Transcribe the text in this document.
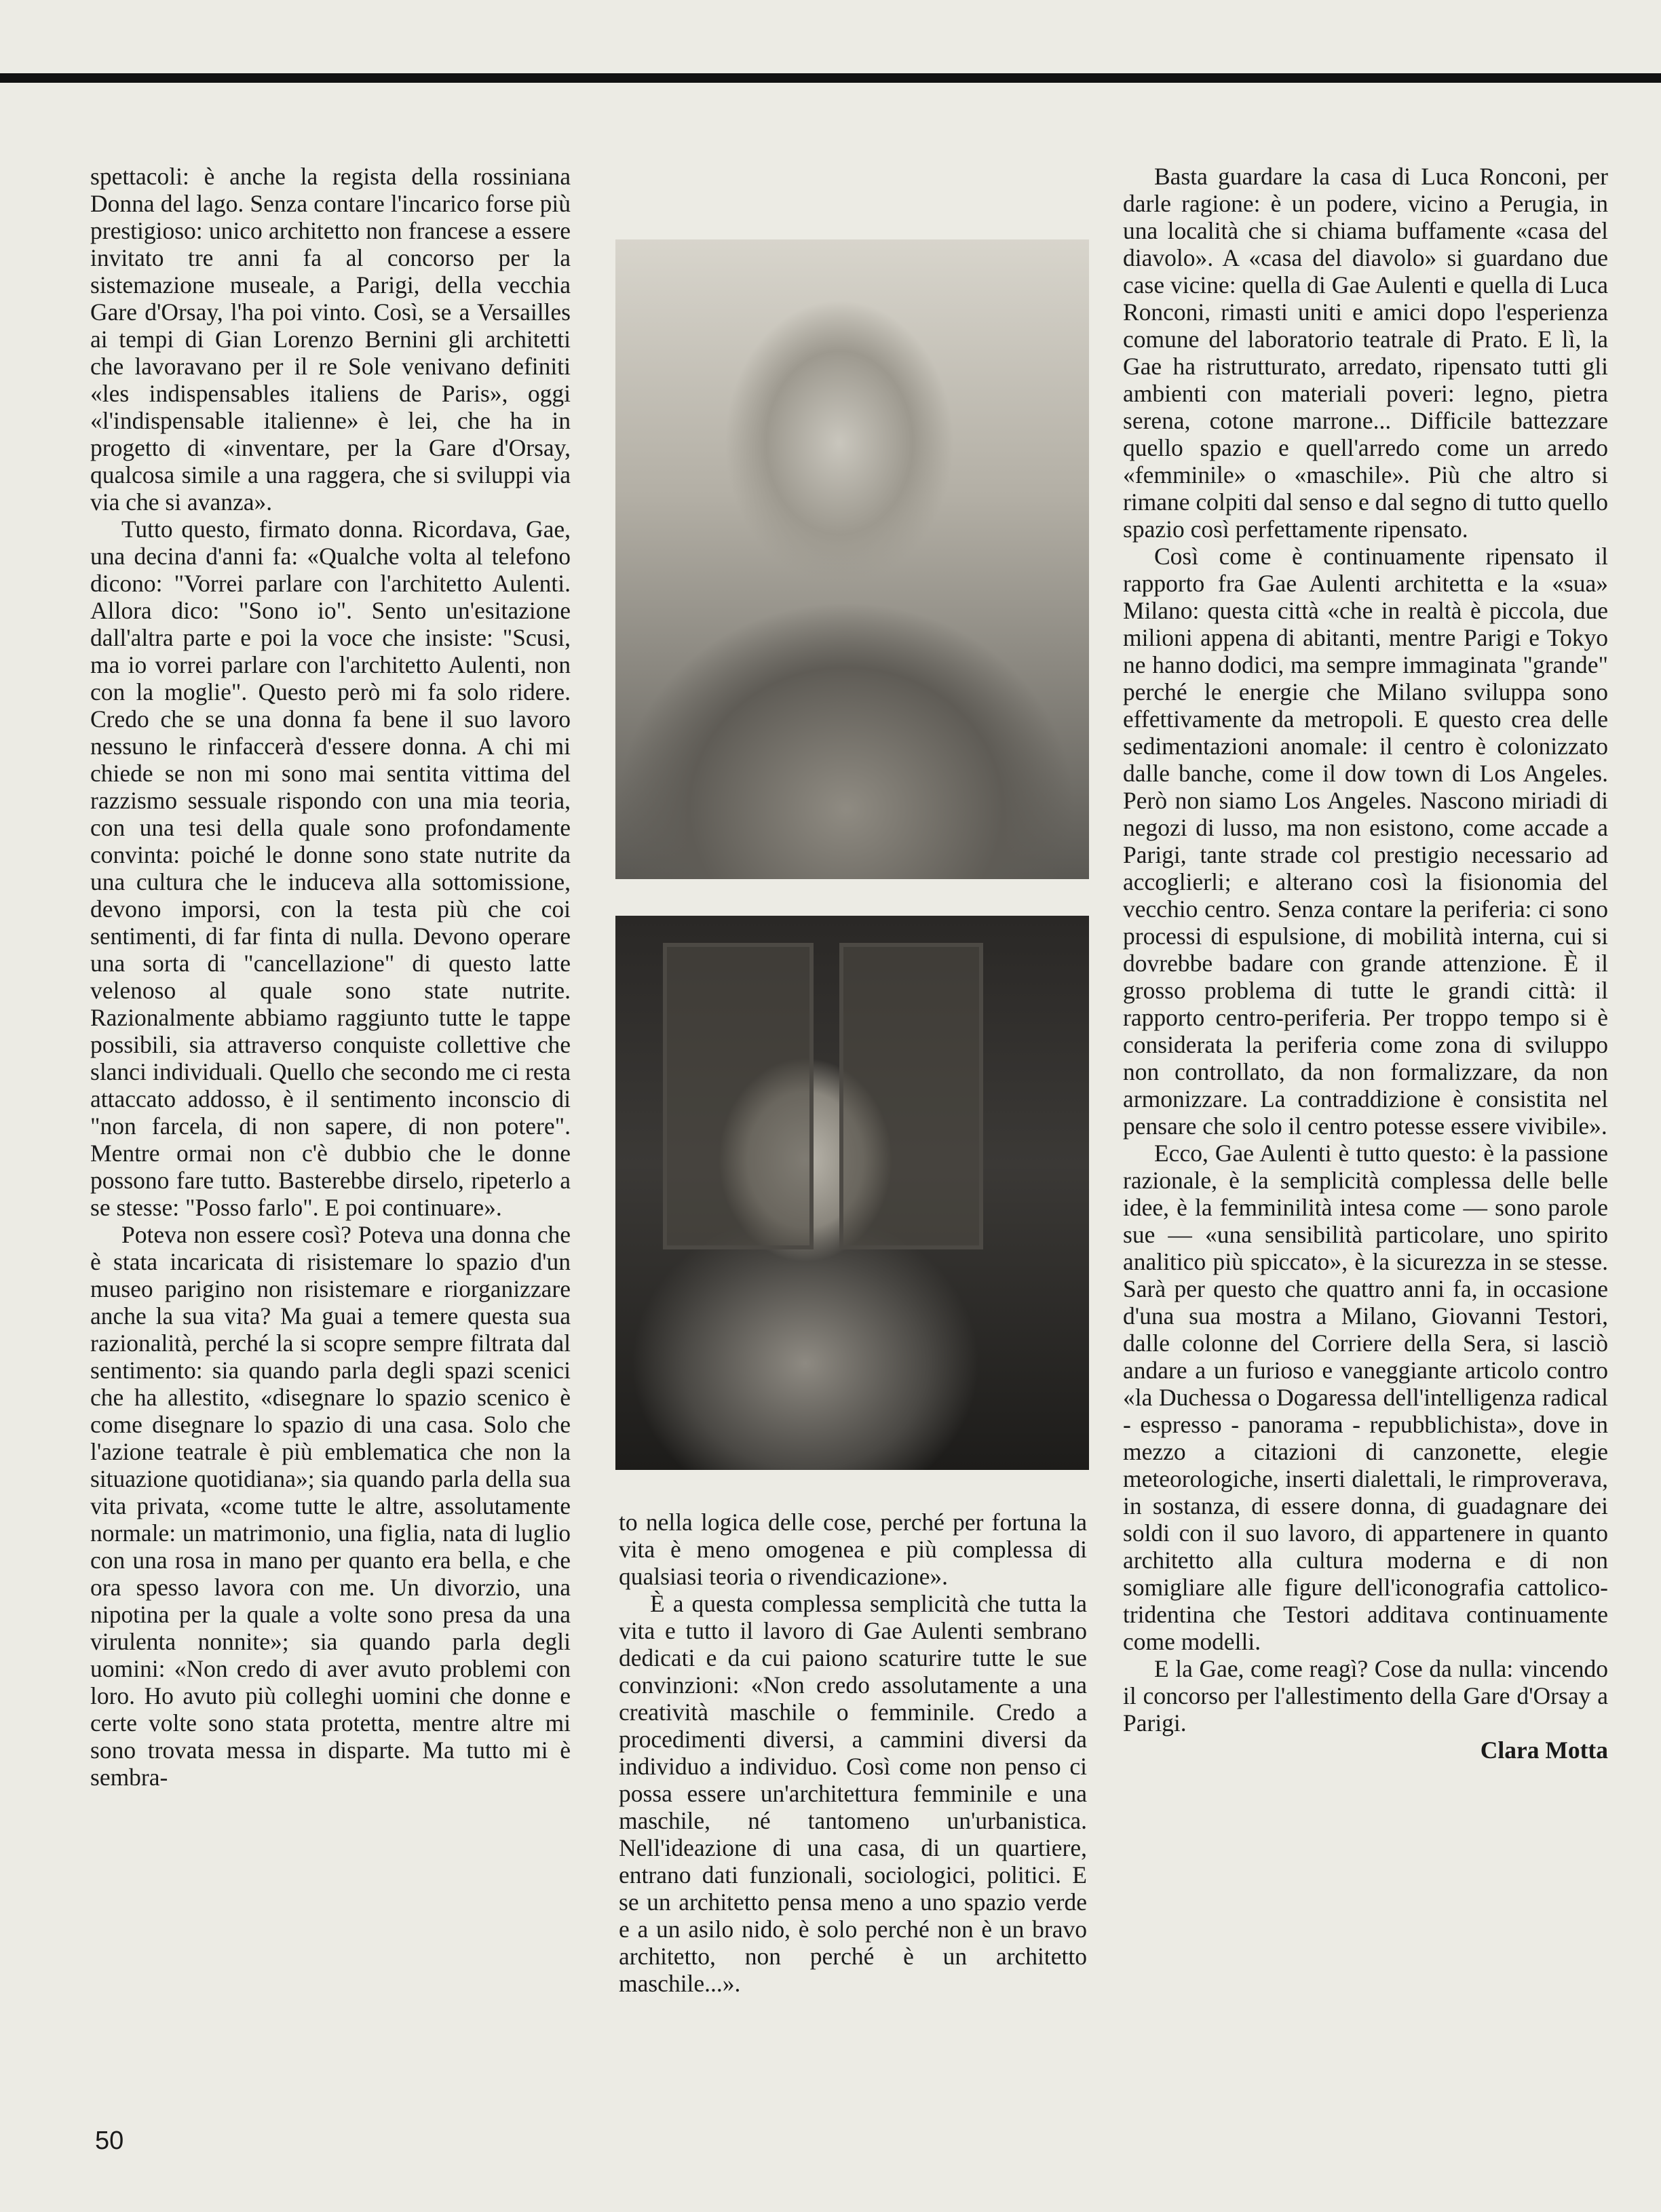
spettacoli: è anche la regista della rossiniana Donna del lago. Senza contare l'incarico forse più prestigioso: unico architetto non francese a essere invitato tre anni fa al concorso per la sistemazione museale, a Parigi, della vecchia Gare d'Orsay, l'ha poi vinto. Così, se a Versailles ai tempi di Gian Lorenzo Bernini gli architetti che lavoravano per il re Sole venivano definiti «les indispensables italiens de Paris», oggi «l'indispensable italienne» è lei, che ha in progetto di «inventare, per la Gare d'Orsay, qualcosa simile a una raggera, che si sviluppi via via che si avanza».

Tutto questo, firmato donna. Ricordava, Gae, una decina d'anni fa: «Qualche volta al telefono dicono: "Vorrei parlare con l'architetto Aulenti. Allora dico: "Sono io". Sento un'esitazione dall'altra parte e poi la voce che insiste: "Scusi, ma io vorrei parlare con l'architetto Aulenti, non con la moglie". Questo però mi fa solo ridere. Credo che se una donna fa bene il suo lavoro nessuno le rinfaccerà d'essere donna. A chi mi chiede se non mi sono mai sentita vittima del razzismo sessuale rispondo con una mia teoria, con una tesi della quale sono profondamente convinta: poiché le donne sono state nutrite da una cultura che le induceva alla sottomissione, devono imporsi, con la testa più che coi sentimenti, di far finta di nulla. Devono operare una sorta di "cancellazione" di questo latte velenoso al quale sono state nutrite. Razionalmente abbiamo raggiunto tutte le tappe possibili, sia attraverso conquiste collettive che slanci individuali. Quello che secondo me ci resta attaccato addosso, è il sentimento inconscio di "non farcela, di non sapere, di non potere". Mentre ormai non c'è dubbio che le donne possono fare tutto. Basterebbe dirselo, ripeterlo a se stesse: "Posso farlo". E poi continuare».

Poteva non essere così? Poteva una donna che è stata incaricata di risistemare lo spazio d'un museo parigino non risistemare e riorganizzare anche la sua vita? Ma guai a temere questa sua razionalità, perché la si scopre sempre filtrata dal sentimento: sia quando parla degli spazi scenici che ha allestito, «disegnare lo spazio scenico è come disegnare lo spazio di una casa. Solo che l'azione teatrale è più emblematica che non la situazione quotidiana»; sia quando parla della sua vita privata, «come tutte le altre, assolutamente normale: un matrimonio, una figlia, nata di luglio con una rosa in mano per quanto era bella, e che ora spesso lavora con me. Un divorzio, una nipotina per la quale a volte sono presa da una virulenta nonnite»; sia quando parla degli uomini: «Non credo di aver avuto problemi con loro. Ho avuto più colleghi uomini che donne e certe volte sono stata protetta, mentre altre mi sono trovata messa in disparte. Ma tutto mi è sembra-

to nella logica delle cose, perché per fortuna la vita è meno omogenea e più complessa di qualsiasi teoria o rivendicazione».

È a questa complessa semplicità che tutta la vita e tutto il lavoro di Gae Aulenti sembrano dedicati e da cui paiono scaturire tutte le sue convinzioni: «Non credo assolutamente a una creatività maschile o femminile. Credo a procedimenti diversi, a cammini diversi da individuo a individuo. Così come non penso ci possa essere un'architettura femminile e una maschile, né tantomeno un'urbanistica. Nell'ideazione di una casa, di un quartiere, entrano dati funzionali, sociologici, politici. E se un architetto pensa meno a uno spazio verde e a un asilo nido, è solo perché non è un bravo architetto, non perché è un architetto maschile...».

Basta guardare la casa di Luca Ronconi, per darle ragione: è un podere, vicino a Perugia, in una località che si chiama buffamente «casa del diavolo». A «casa del diavolo» si guardano due case vicine: quella di Gae Aulenti e quella di Luca Ronconi, rimasti uniti e amici dopo l'esperienza comune del laboratorio teatrale di Prato. E lì, la Gae ha ristrutturato, arredato, ripensato tutti gli ambienti con materiali poveri: legno, pietra serena, cotone marrone... Difficile battezzare quello spazio e quell'arredo come un arredo «femminile» o «maschile». Più che altro si rimane colpiti dal senso e dal segno di tutto quello spazio così perfettamente ripensato.

Così come è continuamente ripensato il rapporto fra Gae Aulenti architetta e la «sua» Milano: questa città «che in realtà è piccola, due milioni appena di abitanti, mentre Parigi e Tokyo ne hanno dodici, ma sempre immaginata "grande" perché le energie che Milano sviluppa sono effettivamente da metropoli. E questo crea delle sedimentazioni anomale: il centro è colonizzato dalle banche, come il dow town di Los Angeles. Però non siamo Los Angeles. Nascono miriadi di negozi di lusso, ma non esistono, come accade a Parigi, tante strade col prestigio necessario ad accoglierli; e alterano così la fisionomia del vecchio centro. Senza contare la periferia: ci sono processi di espulsione, di mobilità interna, cui si dovrebbe badare con grande attenzione. È il grosso problema di tutte le grandi città: il rapporto centro-periferia. Per troppo tempo si è considerata la periferia come zona di sviluppo non controllato, da non formalizzare, da non armonizzare. La contraddizione è consistita nel pensare che solo il centro potesse essere vivibile».

Ecco, Gae Aulenti è tutto questo: è la passione razionale, è la semplicità complessa delle belle idee, è la femminilità intesa come — sono parole sue — «una sensibilità particolare, uno spirito analitico più spiccato», è la sicurezza in se stesse. Sarà per questo che quattro anni fa, in occasione d'una sua mostra a Milano, Giovanni Testori, dalle colonne del Corriere della Sera, si lasciò andare a un furioso e vaneggiante articolo contro «la Duchessa o Dogaressa dell'intelligenza radical - espresso - panorama - repubblichista», dove in mezzo a citazioni di canzonette, elegie meteorologiche, inserti dialettali, le rimproverava, in sostanza, di essere donna, di guadagnare dei soldi con il suo lavoro, di appartenere in quanto architetto alla cultura moderna e di non somigliare alle figure dell'iconografia cattolico-tridentina che Testori additava continuamente come modelli.

E la Gae, come reagì? Cose da nulla: vincendo il concorso per l'allestimento della Gare d'Orsay a Parigi.

Clara Motta

50
